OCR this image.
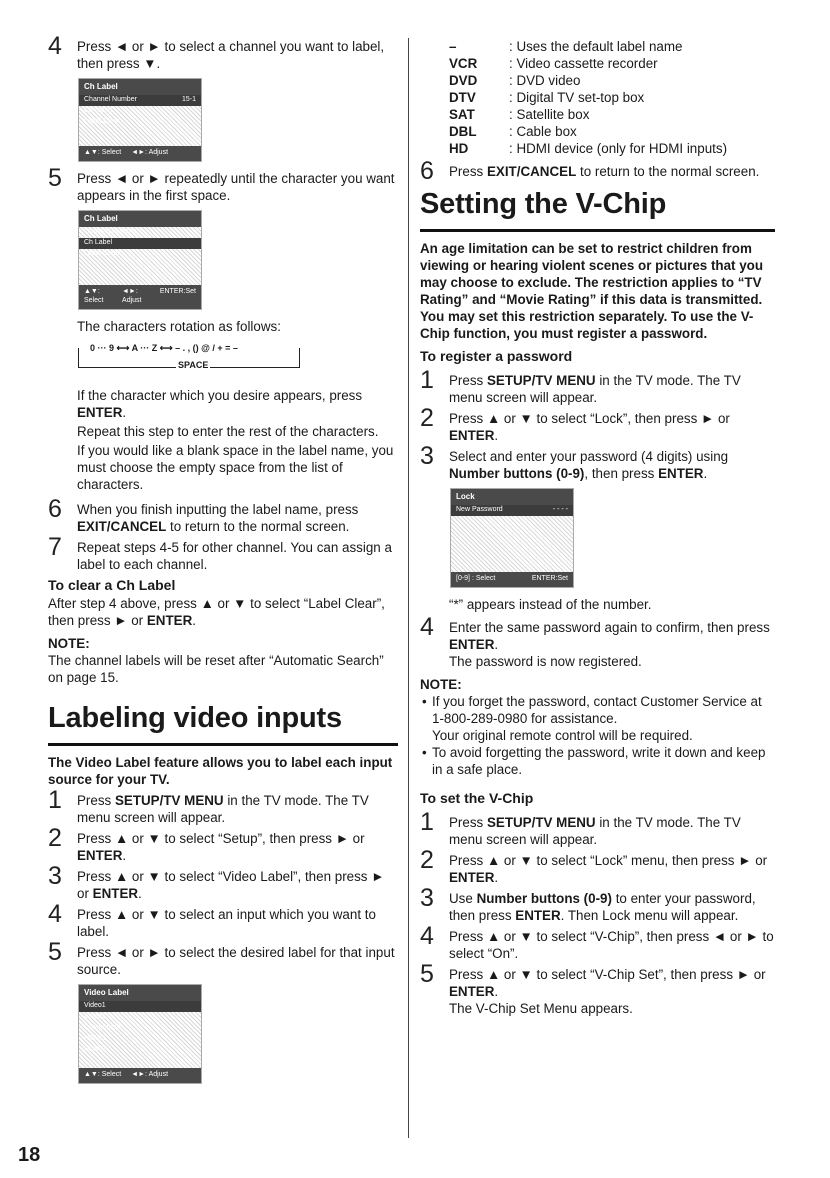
4 Press ◄ or ► to select a channel you want to label, then press ▼.
Ch Label
Channel Number	15-1
Ch Label
Label Clear
▲▼: Select ◄►: Adjust
5 Press ◄ or ► repeatedly until the character you want appears in the first space.
Ch Label
Channel Number
Ch Label
Label Clear
▲▼: Select
◄►: Adjust
ENTER:Set
The characters rotation as follows:
0 ··· 9 ⟷ A ··· Z ⟷ – . , () @ / + = –
SPACE
If the character which you desire appears, press ENTER.
Repeat this step to enter the rest of the characters.
If you would like a blank space in the label name, you must choose the empty space from the list of characters.
6 When you finish inputting the label name, press EXIT/CANCEL to return to the normal screen.
7 Repeat steps 4-5 for other channel. You can assign a label to each channel.
To clear a Ch Label
After step 4 above, press ▲ or ▼ to select “Label Clear”, then press ► or ENTER.
NOTE:
The channel labels will be reset after “Automatic Search” on page 15.
Labeling video inputs
The Video Label feature allows you to label each input source for your TV.
1 Press SETUP/TV MENU in the TV mode. The TV menu screen will appear.
2 Press ▲ or ▼ to select “Setup”, then press ► or ENTER.
3 Press ▲ or ▼ to select “Video Label”, then press ► or ENTER.
4 Press ▲ or ▼ to select an input which you want to label.
5 Press ◄ or ► to select the desired label for that input source.
Video Label
Video1
Video2
Component
HDMI1
HDMI2
▲▼: Select ◄►: Adjust
–	: Uses the default label name
VCR	: Video cassette recorder
DVD	: DVD video
DTV	: Digital TV set-top box
SAT	: Satellite box
DBL	: Cable box
HD	: HDMI device (only for HDMI inputs)
6 Press EXIT/CANCEL to return to the normal screen.
Setting the V-Chip
An age limitation can be set to restrict children from viewing or hearing violent scenes or pictures that you may choose to exclude. The restriction applies to “TV Rating” and “Movie Rating” if this data is transmitted. You may set this restriction separately. To use the V-Chip function, you must register a password.
To register a password
1 Press SETUP/TV MENU in the TV mode. The TV menu screen will appear.
2 Press ▲ or ▼ to select “Lock”, then press ► or ENTER.
3 Select and enter your password (4 digits) using Number buttons (0-9), then press ENTER.
Lock
New Password	- - - -
[0-9] : Select	ENTER:Set
“*” appears instead of the number.
4 Enter the same password again to confirm, then press ENTER.
The password is now registered.
NOTE:
• If you forget the password, contact Customer Service at 1-800-289-0980 for assistance.
Your original remote control will be required.
• To avoid forgetting the password, write it down and keep in a safe place.
To set the V-Chip
1 Press SETUP/TV MENU in the TV mode. The TV menu screen will appear.
2 Press ▲ or ▼ to select “Lock” menu, then press ► or ENTER.
3 Use Number buttons (0-9) to enter your password, then press ENTER. Then Lock menu will appear.
4 Press ▲ or ▼ to select “V-Chip”, then press ◄ or ► to select “On”.
5 Press ▲ or ▼ to select “V-Chip Set”, then press ► or ENTER.
The V-Chip Set Menu appears.
18
